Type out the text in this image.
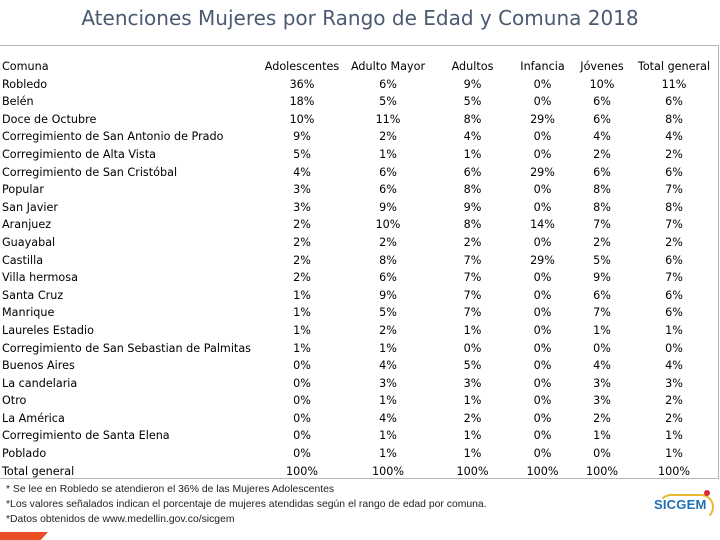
Atenciones Mujeres por Rango de Edad y Comuna 2018
Comuna	Adolescentes	Adulto Mayor	Adultos	Infancia	Jóvenes	Total general
Robledo	36%	6%	9%	0%	10%	11%
Belén	18%	5%	5%	0%	6%	6%
Doce de Octubre	10%	11%	8%	29%	6%	8%
Corregimiento de San Antonio de Prado	9%	2%	4%	0%	4%	4%
Corregimiento de Alta Vista	5%	1%	1%	0%	2%	2%
Corregimiento de San Cristóbal	4%	6%	6%	29%	6%	6%
Popular	3%	6%	8%	0%	8%	7%
San Javier	3%	9%	9%	0%	8%	8%
Aranjuez	2%	10%	8%	14%	7%	7%
Guayabal	2%	2%	2%	0%	2%	2%
Castilla	2%	8%	7%	29%	5%	6%
Villa hermosa	2%	6%	7%	0%	9%	7%
Santa Cruz	1%	9%	7%	0%	6%	6%
Manrique	1%	5%	7%	0%	7%	6%
Laureles Estadio	1%	2%	1%	0%	1%	1%
Corregimiento de San Sebastian de Palmitas	1%	1%	0%	0%	0%	0%
Buenos Aires	0%	4%	5%	0%	4%	4%
La candelaria	0%	3%	3%	0%	3%	3%
Otro	0%	1%	1%	0%	3%	2%
La América	0%	4%	2%	0%	2%	2%
Corregimiento de Santa Elena	0%	1%	1%	0%	1%	1%
Poblado	0%	1%	1%	0%	0%	1%
Total general	100%	100%	100%	100%	100%	100%
* Se lee en Robledo se atendieron el 36% de las Mujeres Adolescentes
*Los valores señalados indican el porcentaje de mujeres atendidas según el rango de edad por comuna.
*Datos obtenidos de www.medellin.gov.co/sicgem
SICGEM
